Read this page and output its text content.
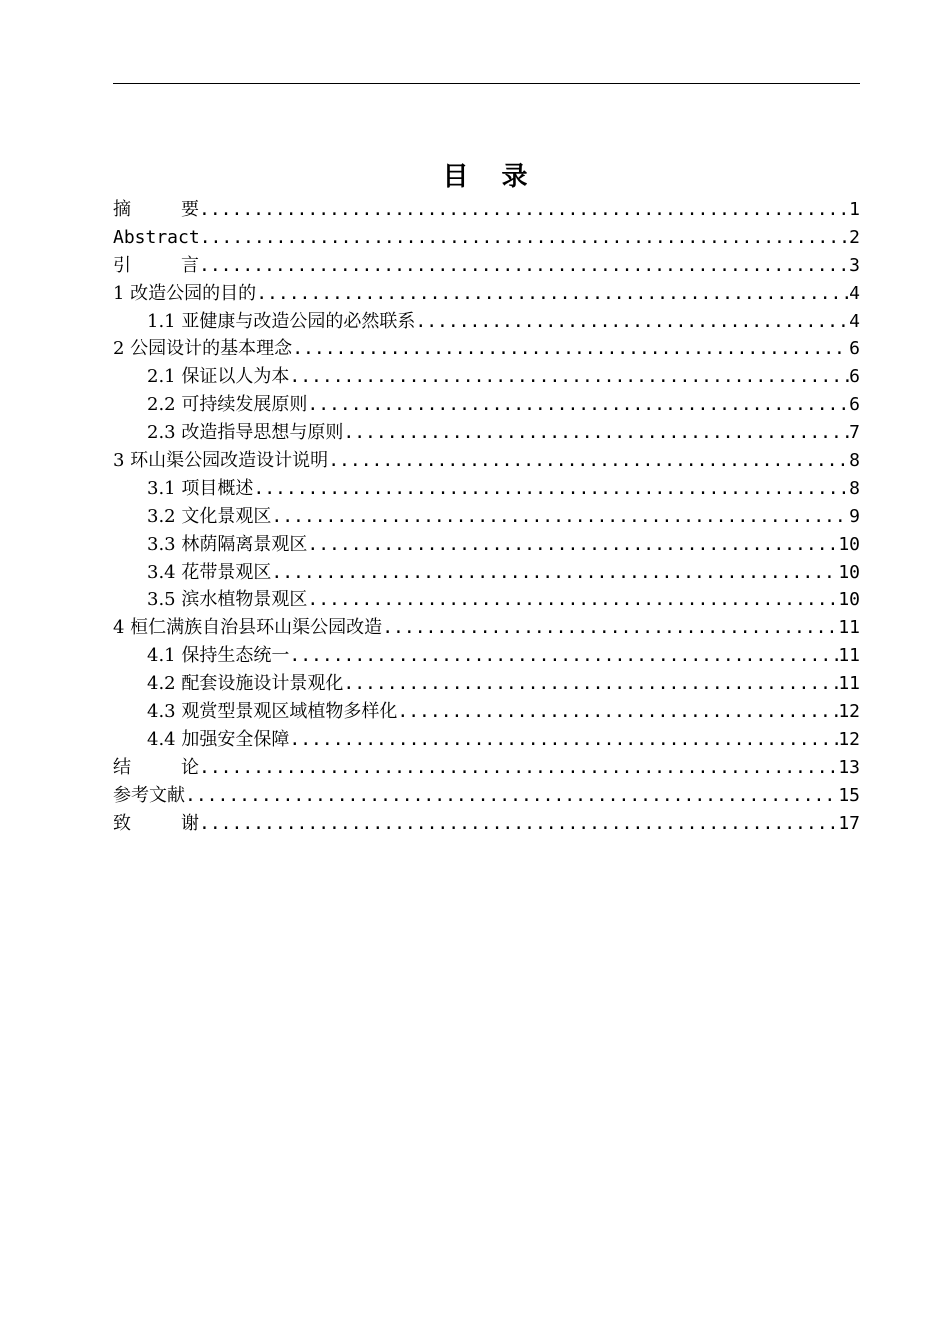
目 录
摘	要 .....	1
Abstract .....	2
引	言 .....	3
1 改造公园的目的 .....	4
1.1 亚健康与改造公园的必然联系 .....	4
2 公园设计的基本理念 .....	6
2.1 保证以人为本 .....	6
2.2 可持续发展原则 .....	6
2.3 改造指导思想与原则 .....	7
3 环山渠公园改造设计说明 .....	8
3.1 项目概述 .....	8
3.2 文化景观区 .....	9
3.3 林荫隔离景观区 .....	10
3.4 花带景观区 .....	10
3.5 滨水植物景观区 .....	10
4 桓仁满族自治县环山渠公园改造 .....	11
4.1 保持生态统一 .....	11
4.2 配套设施设计景观化 .....	11
4.3 观赏型景观区域植物多样化 .....	12
4.4 加强安全保障 .....	12
结	论 .....	13
参考文献 .....	15
致	谢 .....	17
